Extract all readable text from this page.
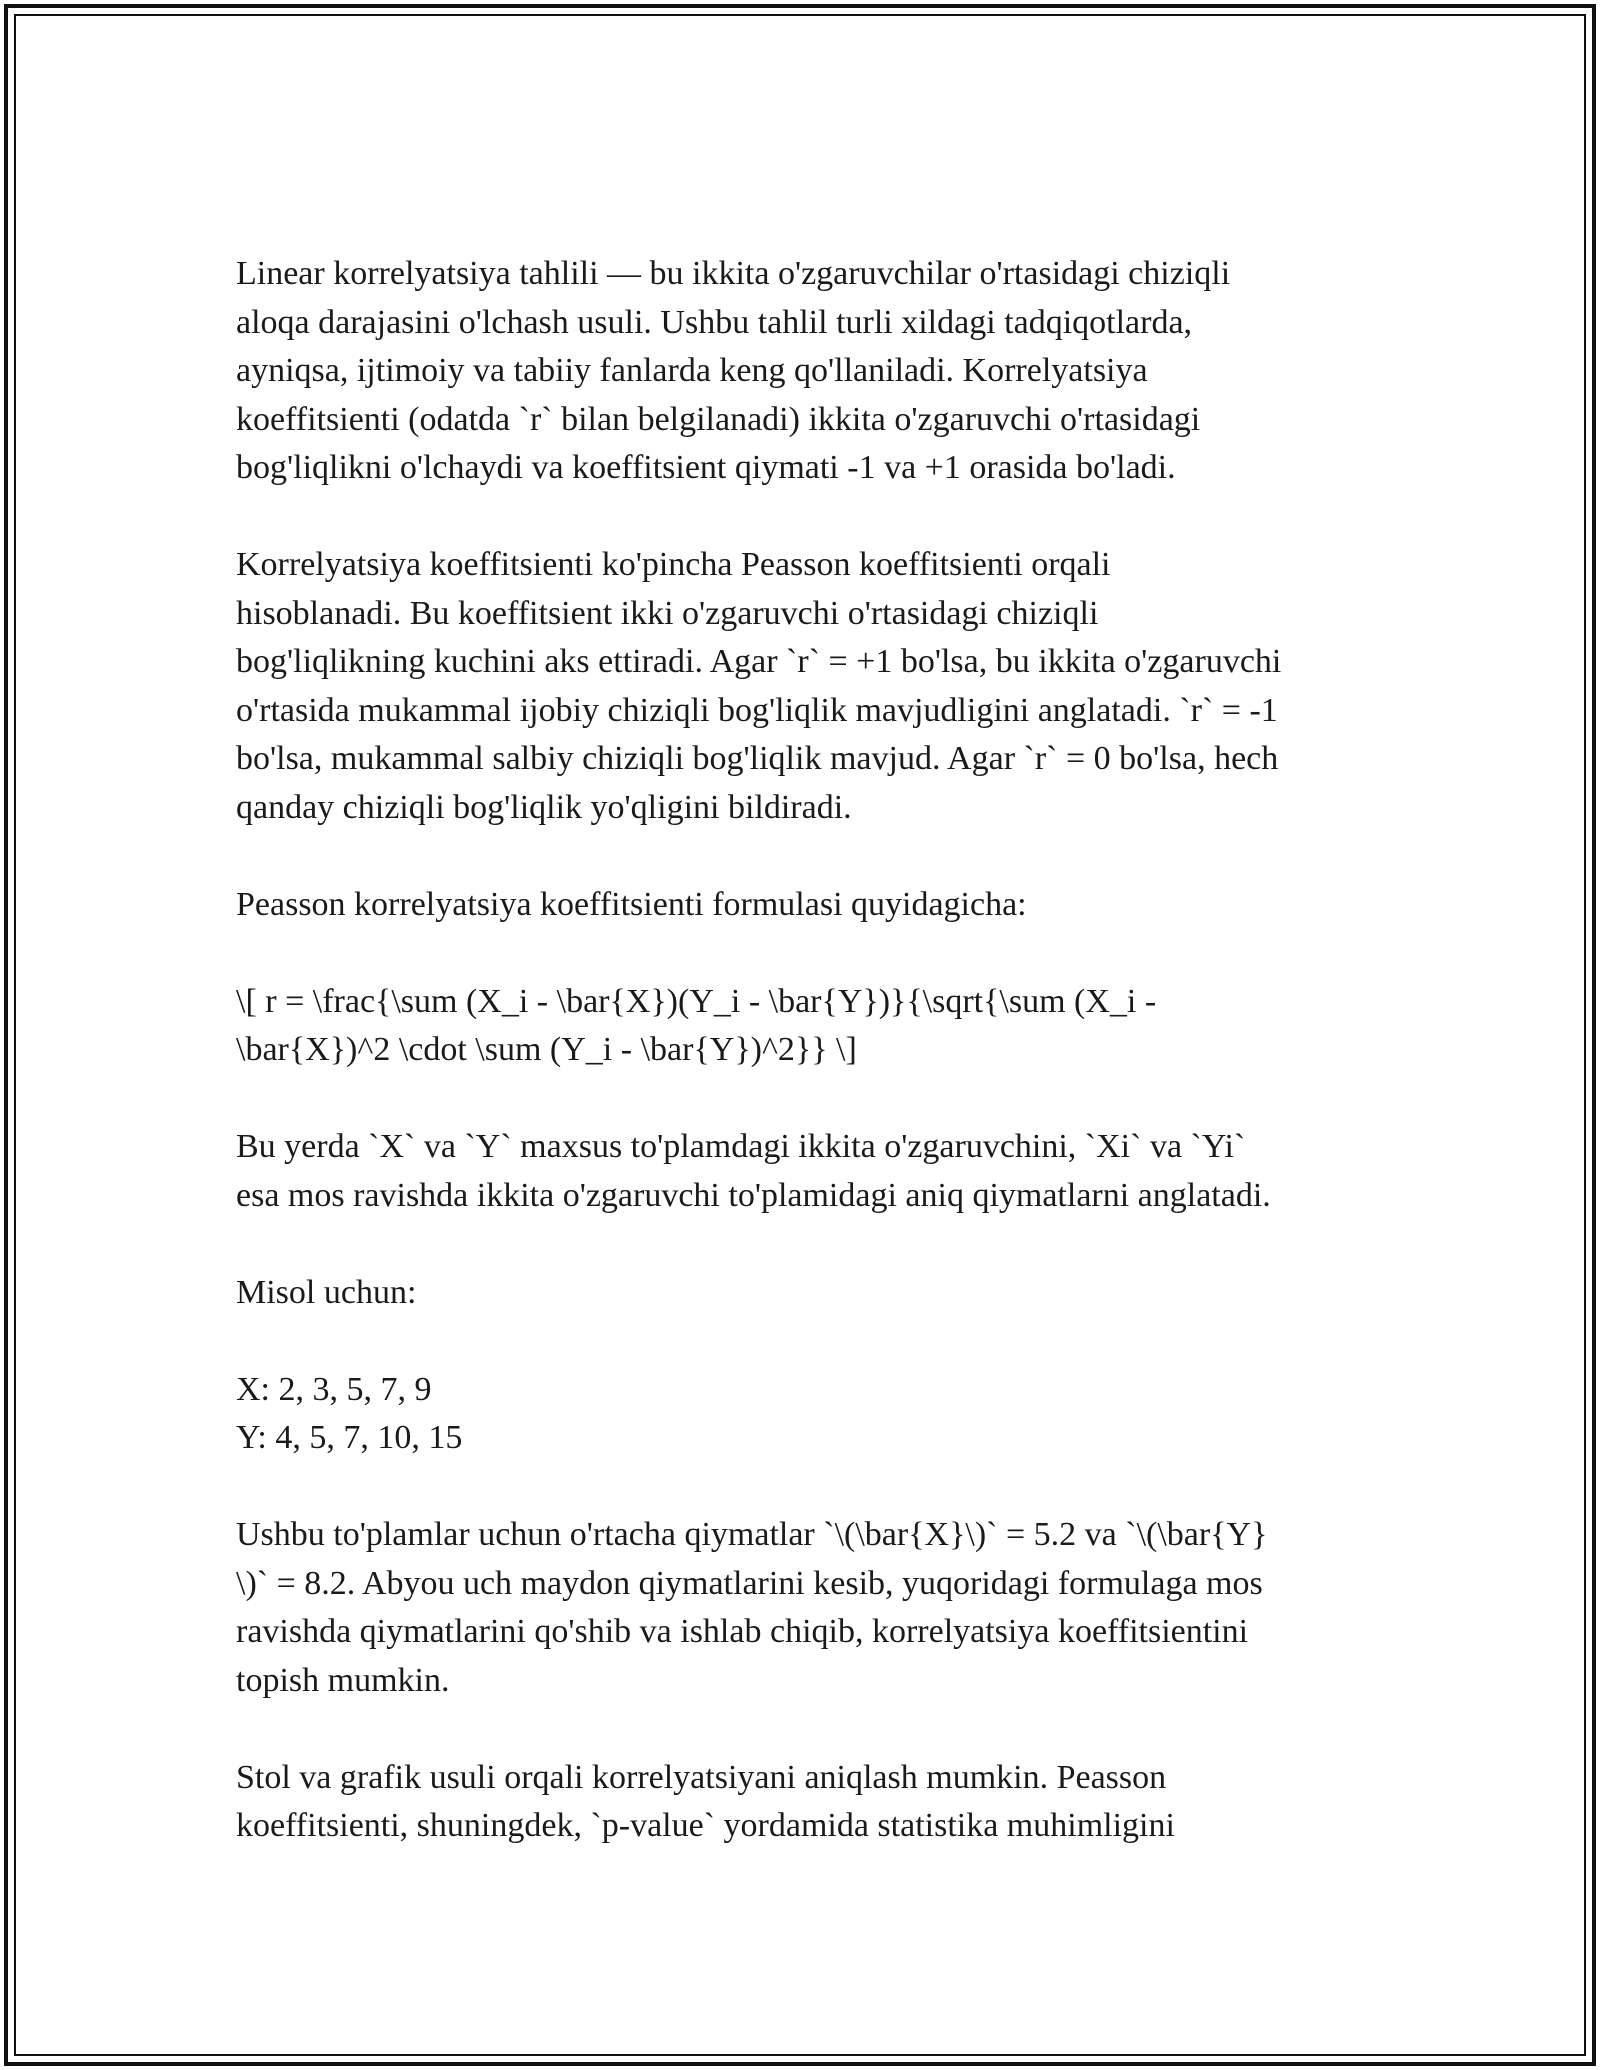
Linear korrelyatsiya tahlili — bu ikkita o'zgaruvchilar o'rtasidagi chiziqli
aloqa darajasini o'lchash usuli. Ushbu tahlil turli xildagi tadqiqotlarda,
ayniqsa, ijtimoiy va tabiiy fanlarda keng qo'llaniladi. Korrelyatsiya
koeffitsienti (odatda `r` bilan belgilanadi) ikkita o'zgaruvchi o'rtasidagi
bog'liqlikni o'lchaydi va koeffitsient qiymati -1 va +1 orasida bo'ladi.

Korrelyatsiya koeffitsienti ko'pincha Peasson koeffitsienti orqali
hisoblanadi. Bu koeffitsient ikki o'zgaruvchi o'rtasidagi chiziqli
bog'liqlikning kuchini aks ettiradi. Agar `r` = +1 bo'lsa, bu ikkita o'zgaruvchi
o'rtasida mukammal ijobiy chiziqli bog'liqlik mavjudligini anglatadi. `r` = -1
bo'lsa, mukammal salbiy chiziqli bog'liqlik mavjud. Agar `r` = 0 bo'lsa, hech
qanday chiziqli bog'liqlik yo'qligini bildiradi.

Peasson korrelyatsiya koeffitsienti formulasi quyidagicha:

\[ r = \frac{\sum (X_i - \bar{X})(Y_i - \bar{Y})}{\sqrt{\sum (X_i -
\bar{X})^2 \cdot \sum (Y_i - \bar{Y})^2}} \]

Bu yerda `X` va `Y` maxsus to'plamdagi ikkita o'zgaruvchini, `Xi` va `Yi`
esa mos ravishda ikkita o'zgaruvchi to'plamidagi aniq qiymatlarni anglatadi.

Misol uchun:

X: 2, 3, 5, 7, 9
Y: 4, 5, 7, 10, 15

Ushbu to'plamlar uchun o'rtacha qiymatlar `\(\bar{X}\)` = 5.2 va `\(\bar{Y}
\)` = 8.2. Abyou uch maydon qiymatlarini kesib, yuqoridagi formulaga mos
ravishda qiymatlarini qo'shib va ishlab chiqib, korrelyatsiya koeffitsientini
topish mumkin.

Stol va grafik usuli orqali korrelyatsiyani aniqlash mumkin. Peasson
koeffitsienti, shuningdek, `p-value` yordamida statistika muhimligini
